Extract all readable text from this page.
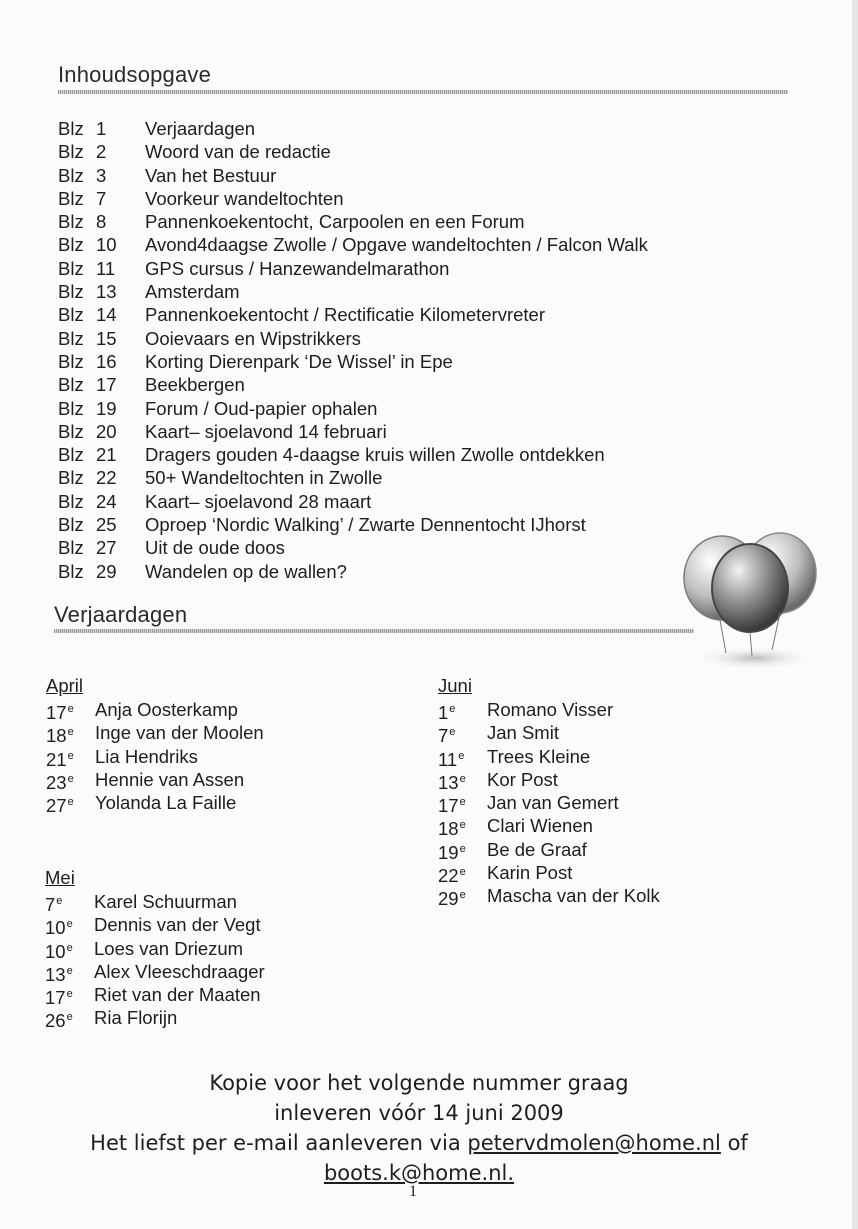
Inhoudsopgave
Blz 1	Verjaardagen
Blz 2	Woord van de redactie
Blz 3	Van het Bestuur
Blz 7	Voorkeur wandeltochten
Blz 8	Pannenkoekentocht, Carpoolen en een Forum
Blz 10	Avond4daagse Zwolle / Opgave wandeltochten / Falcon Walk
Blz 11	GPS cursus / Hanzewandelmarathon
Blz 13	Amsterdam
Blz 14	Pannenkoekentocht / Rectificatie Kilometervreter
Blz 15	Ooievaars en Wipstrikkers
Blz 16	Korting Dierenpark ‘De Wissel’ in Epe
Blz 17	Beekbergen
Blz 19	Forum / Oud-papier ophalen
Blz 20	Kaart– sjoelavond 14 februari
Blz 21	Dragers gouden 4-daagse kruis willen Zwolle ontdekken
Blz 22	50+ Wandeltochten in Zwolle
Blz 24	Kaart– sjoelavond 28 maart
Blz 25	Oproep ‘Nordic Walking’ / Zwarte Dennentocht IJhorst
Blz 27	Uit de oude doos
Blz 29	Wandelen op de wallen?
Verjaardagen
April
17e	Anja Oosterkamp
18e	Inge van der Moolen
21e	Lia Hendriks
23e	Hennie van Assen
27e	Yolanda La Faille
Mei
7e	Karel Schuurman
10e	Dennis van der Vegt
10e	Loes van Driezum
13e	Alex Vleeschdraager
17e	Riet van der Maaten
26e	Ria Florijn
Juni
1e	Romano Visser
7e	Jan Smit
11e	Trees Kleine
13e	Kor Post
17e	Jan van Gemert
18e	Clari Wienen
19e	Be de Graaf
22e	Karin Post
29e	Mascha van der Kolk
Kopie voor het volgende nummer graag
inleveren vóór 14 juni 2009
Het liefst per e-mail aanleveren via petervdmolen@home.nl of
boots.k@home.nl.
1
